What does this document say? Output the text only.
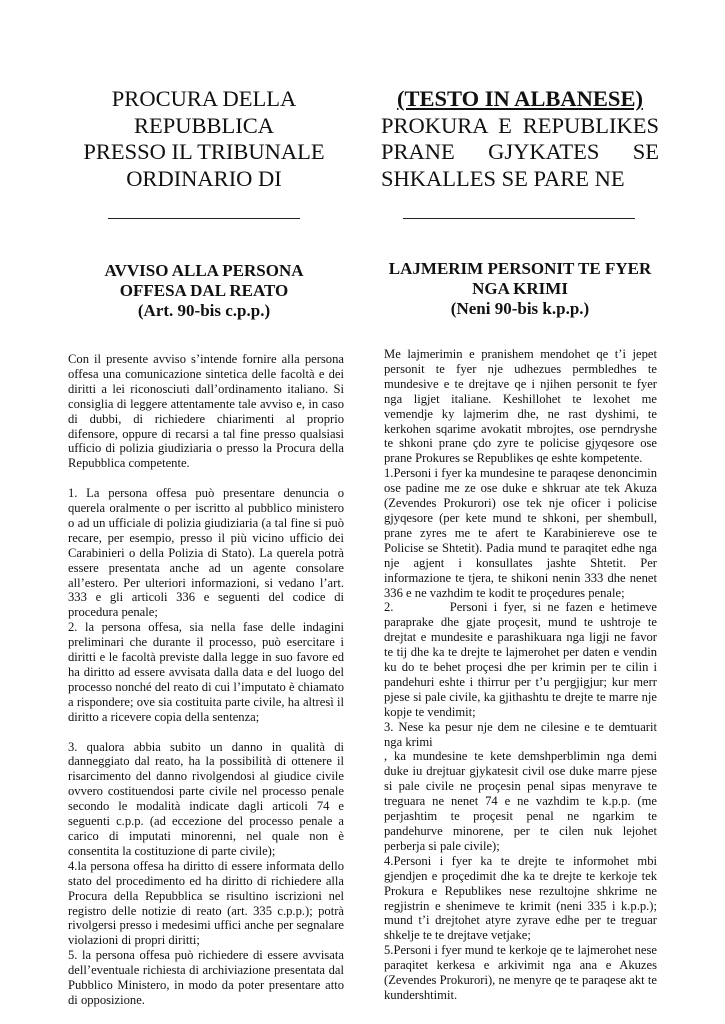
PROCURA DELLA
REPUBBLICA
PRESSO IL TRIBUNALE
ORDINARIO DI
AVVISO ALLA PERSONA
OFFESA DAL REATO
(Art. 90-bis c.p.p.)

Con il presente avviso s’intende fornire alla persona offesa una comunicazione sintetica delle facoltà e dei diritti a lei riconosciuti dall’ordinamento italiano. Si consiglia di leggere attentamente tale avviso e, in caso di dubbi, di richiedere chiarimenti al proprio difensore, oppure di recarsi a tal fine presso qualsiasi ufficio di polizia giudiziaria o presso la Procura della Repubblica competente.

1. La persona offesa può presentare denuncia o querela oralmente o per iscritto al pubblico ministero o ad un ufficiale di polizia giudiziaria (a tal fine si può recare, per esempio, presso il più vicino ufficio dei Carabinieri o della Polizia di Stato). La querela potrà essere presentata anche ad un agente consolare all’estero. Per ulteriori informazioni, si vedano l’art. 333 e gli articoli 336 e seguenti del codice di procedura penale;

2. la persona offesa, sia nella fase delle indagini preliminari che durante il processo, può esercitare i diritti e le facoltà previste dalla legge in suo favore ed ha diritto ad essere avvisata dalla data e del luogo del processo nonché del reato di cui l’imputato è chiamato a rispondere; ove sia costituita parte civile, ha altresì il diritto a ricevere copia della sentenza;

3. qualora abbia subito un danno in qualità di danneggiato dal reato, ha la possibilità di ottenere il risarcimento del danno rivolgendosi al giudice civile ovvero costituendosi parte civile nel processo penale secondo le modalità indicate dagli articoli 74 e seguenti c.p.p. (ad eccezione del processo penale a carico di imputati minorenni, nel quale non è consentita la costituzione di parte civile);

4.la persona offesa ha diritto di essere informata dello stato del procedimento ed ha diritto di richiedere alla Procura della Repubblica se risultino iscrizioni nel registro delle notizie di reato (art. 335 c.p.p.); potrà rivolgersi presso i medesimi uffici anche per segnalare violazioni di propri diritti;

5. la persona offesa può richiedere di essere avvisata dell’eventuale richiesta di archiviazione presentata dal Pubblico Ministero, in modo da poter presentare atto di opposizione.

(TESTO IN ALBANESE)
PROKURA E REPUBLIKES
PRANE GJYKATES SE
SHKALLES SE PARE NE
LAJMERIM PERSONIT TE FYER
NGA KRIMI
(Neni 90-bis k.p.p.)

Me lajmerimin e pranishem mendohet qe t’i jepet personit te fyer nje udhezues permbledhes te mundesive e te drejtave qe i njihen personit te fyer nga ligjet italiane. Keshillohet te lexohet me vemendje ky lajmerim dhe, ne rast dyshimi, te kerkohen sqarime avokatit mbrojtes, ose perndryshe te shkoni prane çdo zyre te policise gjyqesore ose prane Prokures se Republikes qe eshte kompetente.

1.Personi i fyer ka mundesine te paraqese denoncimin ose padine me ze ose duke e shkruar ate tek Akuza (Zevendes Prokurori) ose tek nje oficer i policise gjyqesore (per kete mund te shkoni, per shembull, prane zyres me te afert te Karabiniereve ose te Policise se Shtetit). Padia mund te paraqitet edhe nga nje agjent i konsullates jashte Shtetit. Per informazione te tjera, te shikoni nenin 333 dhe nenet 336 e ne vazhdim te kodit te proçedures penale;

2.         Personi i fyer, si ne fazen e hetimeve paraprake dhe gjate proçesit, mund te ushtroje te drejtat e mundesite e parashikuara nga ligji ne favor te tij dhe ka te drejte te lajmerohet per daten e vendin ku do te behet proçesi dhe per krimin per te cilin i pandehuri eshte i thirrur per t’u pergjigjur; kur merr pjese si pale civile, ka gjithashtu te drejte te marre nje kopje te vendimit;

3. Nese ka pesur nje dem ne cilesine e te demtuarit nga krimi

, ka mundesine te kete demshperblimin nga demi duke iu drejtuar gjykatesit civil ose duke marre pjese si pale civile ne proçesin penal sipas menyrave te treguara ne nenet 74 e ne vazhdim te k.p.p. (me perjashtim te proçesit penal ne ngarkim te pandehurve minorene, per te cilen nuk lejohet perberja si pale civile);

4.Personi i fyer ka te drejte te informohet mbi gjendjen e proçedimit dhe ka te drejte te kerkoje tek Prokura e Republikes nese rezultojne shkrime ne regjistrin e shenimeve te krimit (neni 335 i k.p.p.); mund t’i drejtohet atyre zyrave edhe per te treguar shkelje te te drejtave vetjake;

5.Personi i fyer mund te kerkoje qe te lajmerohet nese paraqitet kerkesa e arkivimit nga ana e Akuzes (Zevendes Prokurori), ne menyre qe te paraqese akt te kundershtimit.
